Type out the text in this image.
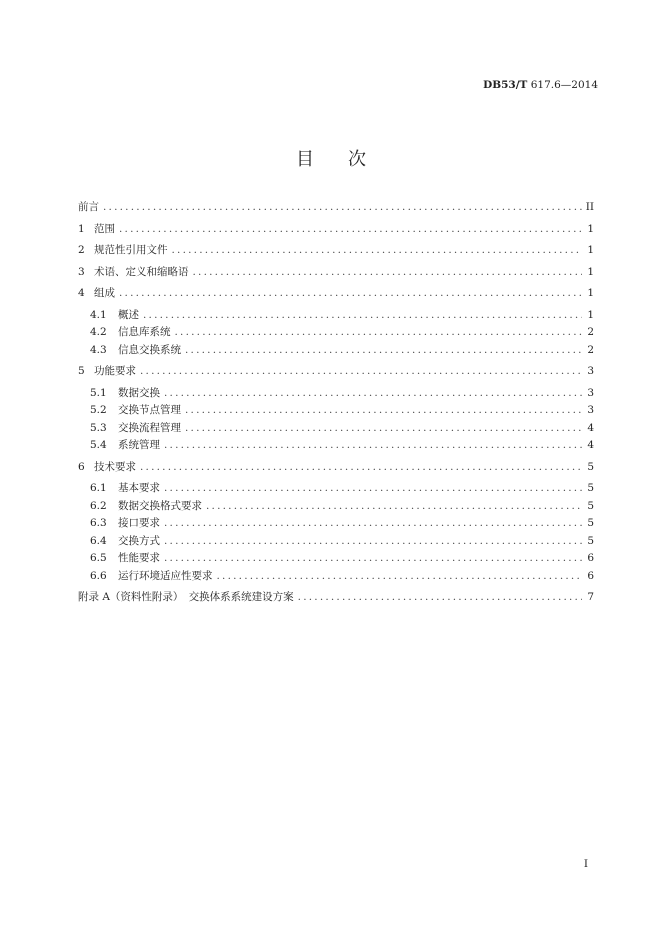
DB53/T 617.6—2014
目次
前言 .....	II
1 范围 .....	1
2 规范性引用文件 .....	1
3 术语、定义和缩略语 .....	1
4 组成 .....	1
4.1 概述 .....	1
4.2 信息库系统 .....	2
4.3 信息交换系统 .....	2
5 功能要求 .....	3
5.1 数据交换 .....	3
5.2 交换节点管理 .....	3
5.3 交换流程管理 .....	4
5.4 系统管理 .....	4
6 技术要求 .....	5
6.1 基本要求 .....	5
6.2 数据交换格式要求 .....	5
6.3 接口要求 .....	5
6.4 交换方式 .....	5
6.5 性能要求 .....	6
6.6 运行环境适应性要求 .....	6
附录 A（资料性附录）　交换体系系统建设方案 .....	7
I
